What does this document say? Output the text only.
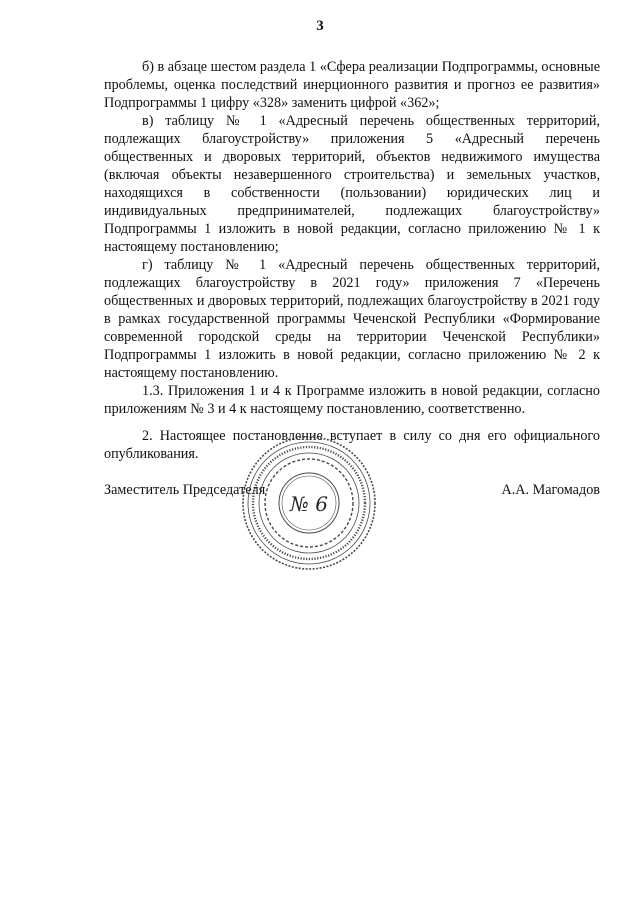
3

б) в абзаце шестом раздела 1 «Сфера реализации Подпрограммы, основные проблемы, оценка последствий инерционного развития и прогноз ее развития» Подпрограммы 1 цифру «328» заменить цифрой «362»;

в) таблицу № 1 «Адресный перечень общественных территорий, подлежащих благоустройству» приложения 5 «Адресный перечень общественных и дворовых территорий, объектов недвижимого имущества (включая объекты незавершенного строительства) и земельных участков, находящихся в собственности (пользовании) юридических лиц и индивидуальных предпринимателей, подлежащих благоустройству» Подпрограммы 1 изложить в новой редакции, согласно приложению № 1 к настоящему постановлению;

г) таблицу № 1 «Адресный перечень общественных территорий, подлежащих благоустройству в 2021 году» приложения 7 «Перечень общественных и дворовых территорий, подлежащих благоустройству в 2021 году в рамках государственной программы Чеченской Республики «Формирование современной городской среды на территории Чеченской Республики» Подпрограммы 1 изложить в новой редакции, согласно приложению № 2 к настоящему постановлению.

1.3. Приложения 1 и 4 к Программе изложить в новой редакции, согласно приложениям № 3 и 4 к настоящему постановлению, соответственно.

2. Настоящее постановление вступает в силу со дня его официального опубликования.

Заместитель Председателя	А.А. Магомадов
№ 6
